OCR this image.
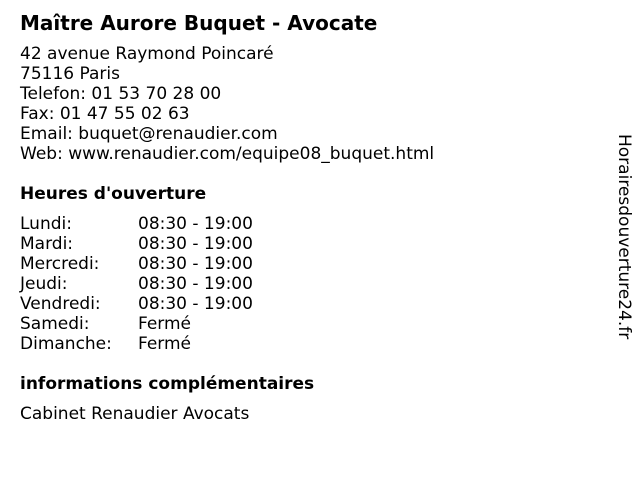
Maître Aurore Buquet - Avocate
42 avenue Raymond Poincaré
75116 Paris
Telefon: 01 53 70 28 00
Fax: 01 47 55 02 63
Email: buquet@renaudier.com
Web: www.renaudier.com/equipe08_buquet.html
Heures d'ouverture
Lundi:	08:30 - 19:00
Mardi:	08:30 - 19:00
Mercredi: 08:30 - 19:00
Jeudi:	08:30 - 19:00
Vendredi: 08:30 - 19:00
Samedi:	Fermé
Dimanche: Fermé
informations complémentaires
Cabinet Renaudier Avocats
Horairesdouverture24.fr
